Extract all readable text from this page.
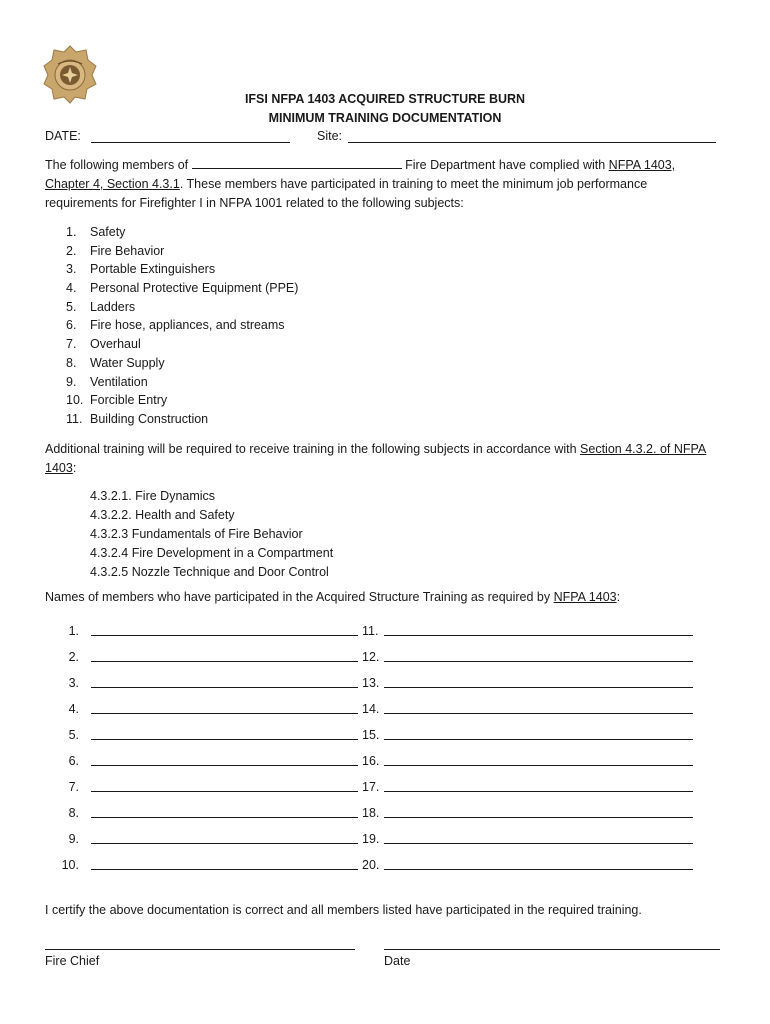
IFSI NFPA 1403 ACQUIRED STRUCTURE BURN
MINIMUM TRAINING DOCUMENTATION
DATE:	Site:
The following members of	Fire Department have complied with NFPA 1403,
Chapter 4, Section 4.3.1. These members have participated in training to meet the minimum job performance
requirements for Firefighter I in NFPA 1001 related to the following subjects:
1. Safety
2. Fire Behavior
3. Portable Extinguishers
4. Personal Protective Equipment (PPE)
5. Ladders
6. Fire hose, appliances, and streams
7. Overhaul
8. Water Supply
9. Ventilation
10. Forcible Entry
11. Building Construction
Additional training will be required to receive training in the following subjects in accordance with Section 4.3.2. of NFPA
1403:
4.3.2.1. Fire Dynamics
4.3.2.2. Health and Safety
4.3.2.3 Fundamentals of Fire Behavior
4.3.2.4 Fire Development in a Compartment
4.3.2.5 Nozzle Technique and Door Control
Names of members who have participated in the Acquired Structure Training as required by NFPA 1403:
1.	11.
2.	12.
3.	13.
4.	14.
5.	15.
6.	16.
7.	17.
8.	18.
9.	19.
10.	20.
I certify the above documentation is correct and all members listed have participated in the required training.
Fire Chief	Date
